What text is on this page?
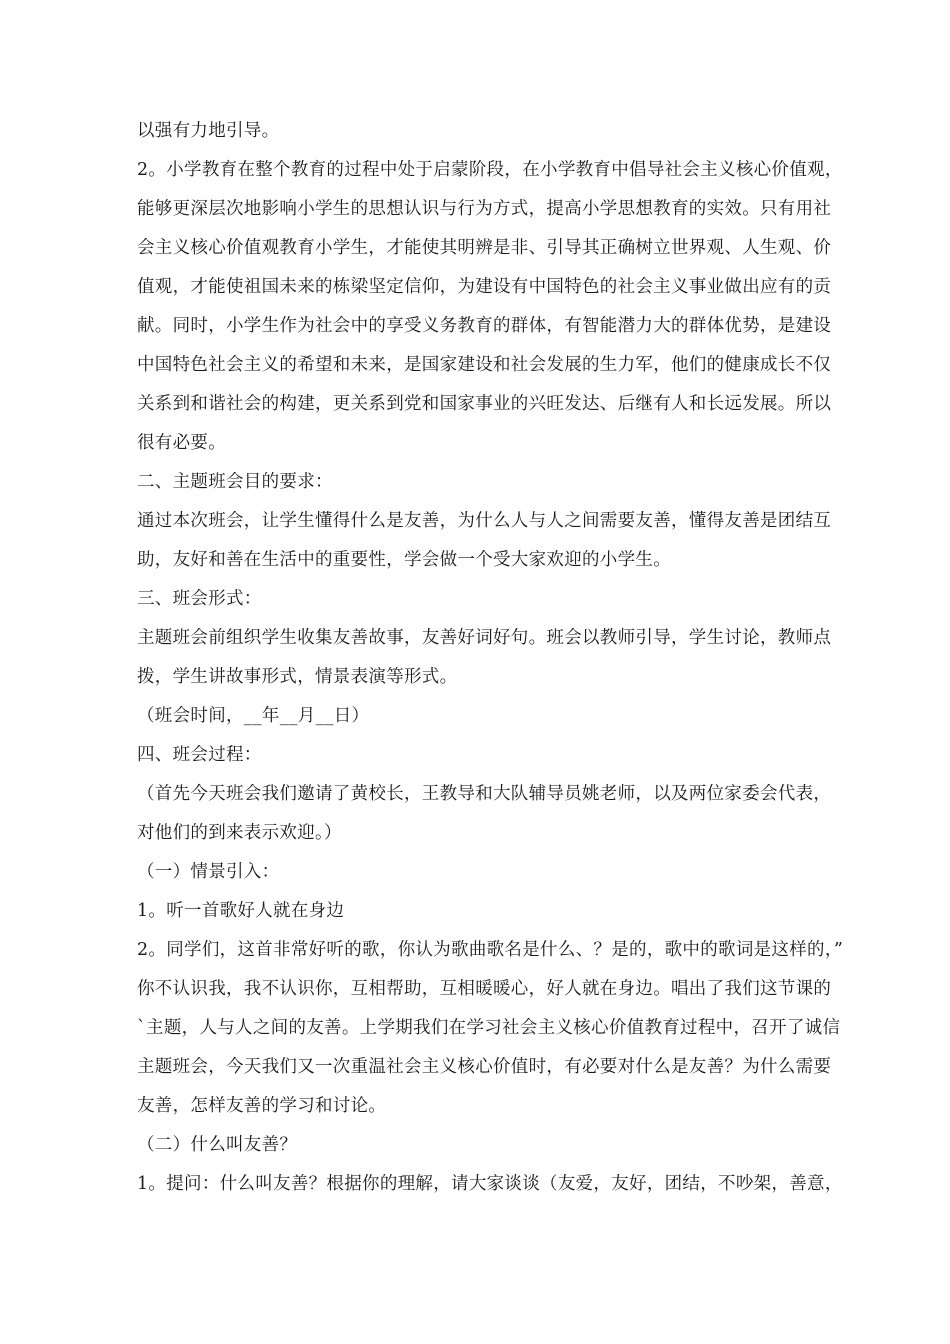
以强有力地引导。
2。小学教育在整个教育的过程中处于启蒙阶段，在小学教育中倡导社会主义核心价值观，
能够更深层次地影响小学生的思想认识与行为方式，提高小学思想教育的实效。只有用社
会主义核心价值观教育小学生，才能使其明辨是非、引导其正确树立世界观、人生观、价
值观，才能使祖国未来的栋梁坚定信仰，为建设有中国特色的社会主义事业做出应有的贡
献。同时，小学生作为社会中的享受义务教育的群体，有智能潜力大的群体优势，是建设
中国特色社会主义的希望和未来，是国家建设和社会发展的生力军，他们的健康成长不仅
关系到和谐社会的构建，更关系到党和国家事业的兴旺发达、后继有人和长远发展。所以
很有必要。
二、主题班会目的要求：
通过本次班会，让学生懂得什么是友善，为什么人与人之间需要友善，懂得友善是团结互
助，友好和善在生活中的重要性，学会做一个受大家欢迎的小学生。
三、班会形式：
主题班会前组织学生收集友善故事，友善好词好句。班会以教师引导，学生讨论，教师点
拨，学生讲故事形式，情景表演等形式。
（班会时间，__年__月__日）
四、班会过程：
（首先今天班会我们邀请了黄校长，王教导和大队辅导员姚老师，以及两位家委会代表，
对他们的到来表示欢迎。）
（一）情景引入：
1。听一首歌好人就在身边
2。同学们，这首非常好听的歌，你认为歌曲歌名是什么、？是的，歌中的歌词是这样的，”
你不认识我，我不认识你，互相帮助，互相暖暖心，好人就在身边。唱出了我们这节课的
`主题，人与人之间的友善。上学期我们在学习社会主义核心价值教育过程中，召开了诚信
主题班会，今天我们又一次重温社会主义核心价值时，有必要对什么是友善？为什么需要
友善，怎样友善的学习和讨论。
（二）什么叫友善？
1。提问：什么叫友善？根据你的理解，请大家谈谈（友爱，友好，团结，不吵架，善意，
